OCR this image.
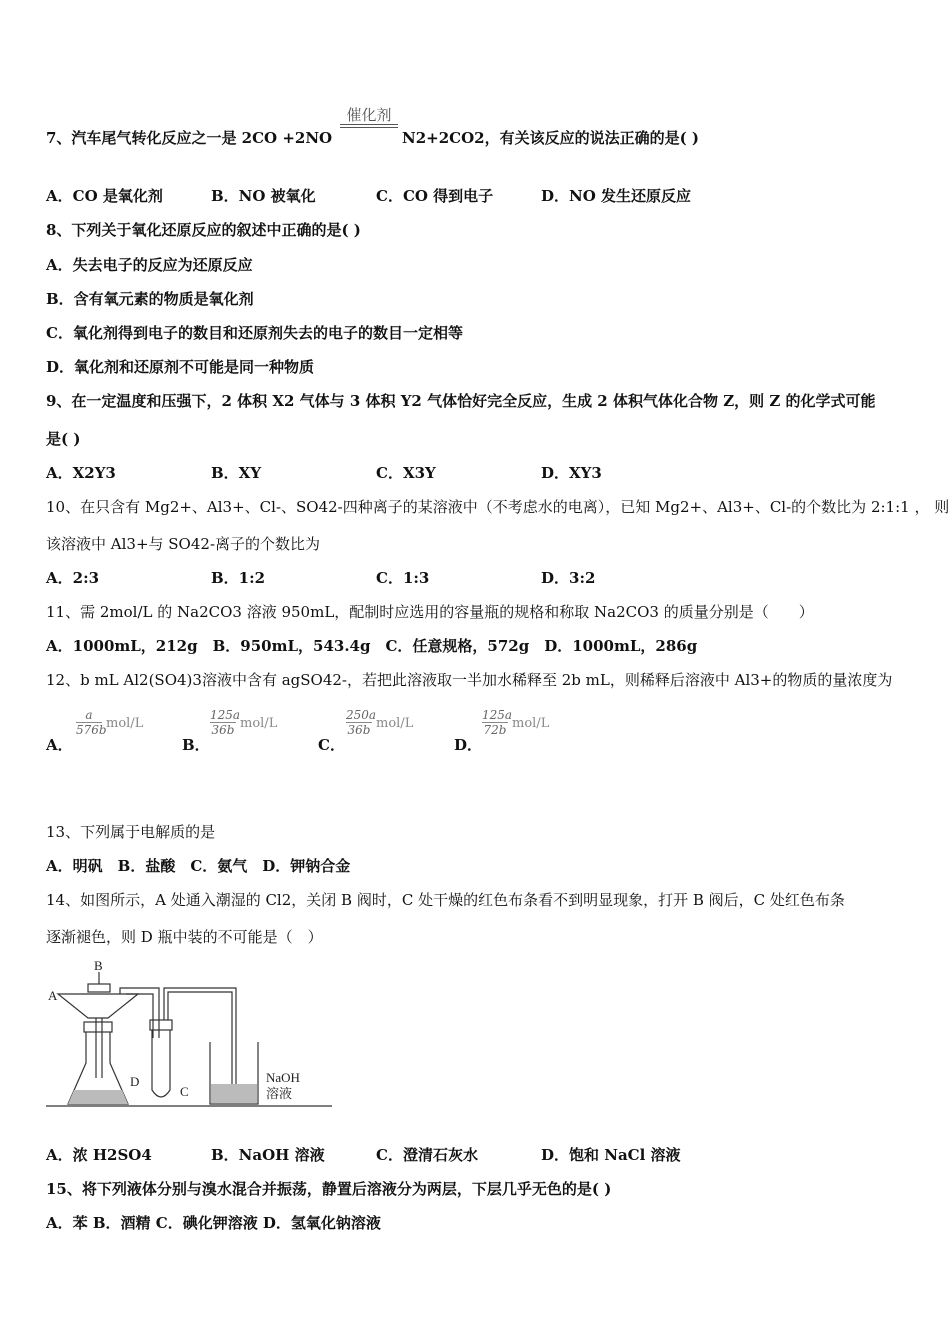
催化剂
7、汽车尾气转化反应之一是 2CO +2NO	N2+2CO2，有关该反应的说法正确的是( )
A．CO 是氧化剂	B．NO 被氧化	C．CO 得到电子	D．NO 发生还原反应
8、下列关于氧化还原反应的叙述中正确的是( )
A．失去电子的反应为还原反应
B．含有氧元素的物质是氧化剂
C．氧化剂得到电子的数目和还原剂失去的电子的数目一定相等
D．氧化剂和还原剂不可能是同一种物质
9、在一定温度和压强下，2 体积 X2 气体与 3 体积 Y2 气体恰好完全反应，生成 2 体积气体化合物 Z，则 Z 的化学式可能
是( )
A．X2Y3	B．XY	C．X3Y	D．XY3
10、在只含有 Mg2+、Al3+、Cl-、SO42-四种离子的某溶液中（不考虑水的电离），已知 Mg2+、Al3+、Cl-的个数比为 2:1:1 ， 则
该溶液中 Al3+与 SO42-离子的个数比为
A．2:3	B．1:2	C．1:3	D．3:2
11、需 2mol/L 的 Na2CO3 溶液 950mL，配制时应选用的容量瓶的规格和称取 Na2CO3 的质量分别是（　　）
A．1000mL，212g　B．950mL，543.4g　C．任意规格，572g　D．1000mL，286g
12、b mL Al2(SO4)3溶液中含有 agSO42-，若把此溶液取一半加水稀释至 2b mL，则稀释后溶液中 Al3+的物质的量浓度为
A．
a
576b mol/L
B．
125a
36b mol/L
C．
250a
36b mol/L
D．
125a
72b mol/L
13、下列属于电解质的是
A．明矾　B．盐酸　C．氨气　D．钾钠合金
14、如图所示，A 处通入潮湿的 Cl2，关闭 B 阀时，C 处干燥的红色布条看不到明显现象，打开 B 阀后，C 处红色布条
逐渐褪色，则 D 瓶中装的不可能是（　）
A
B
C
D	NaOH
溶液
A．浓 H2SO4	B．NaOH 溶液	C．澄清石灰水	D．饱和 NaCl 溶液
15、将下列液体分别与溴水混合并振荡，静置后溶液分为两层，下层几乎无色的是( )
A．苯 B．酒精 C．碘化钾溶液 D．氢氧化钠溶液
